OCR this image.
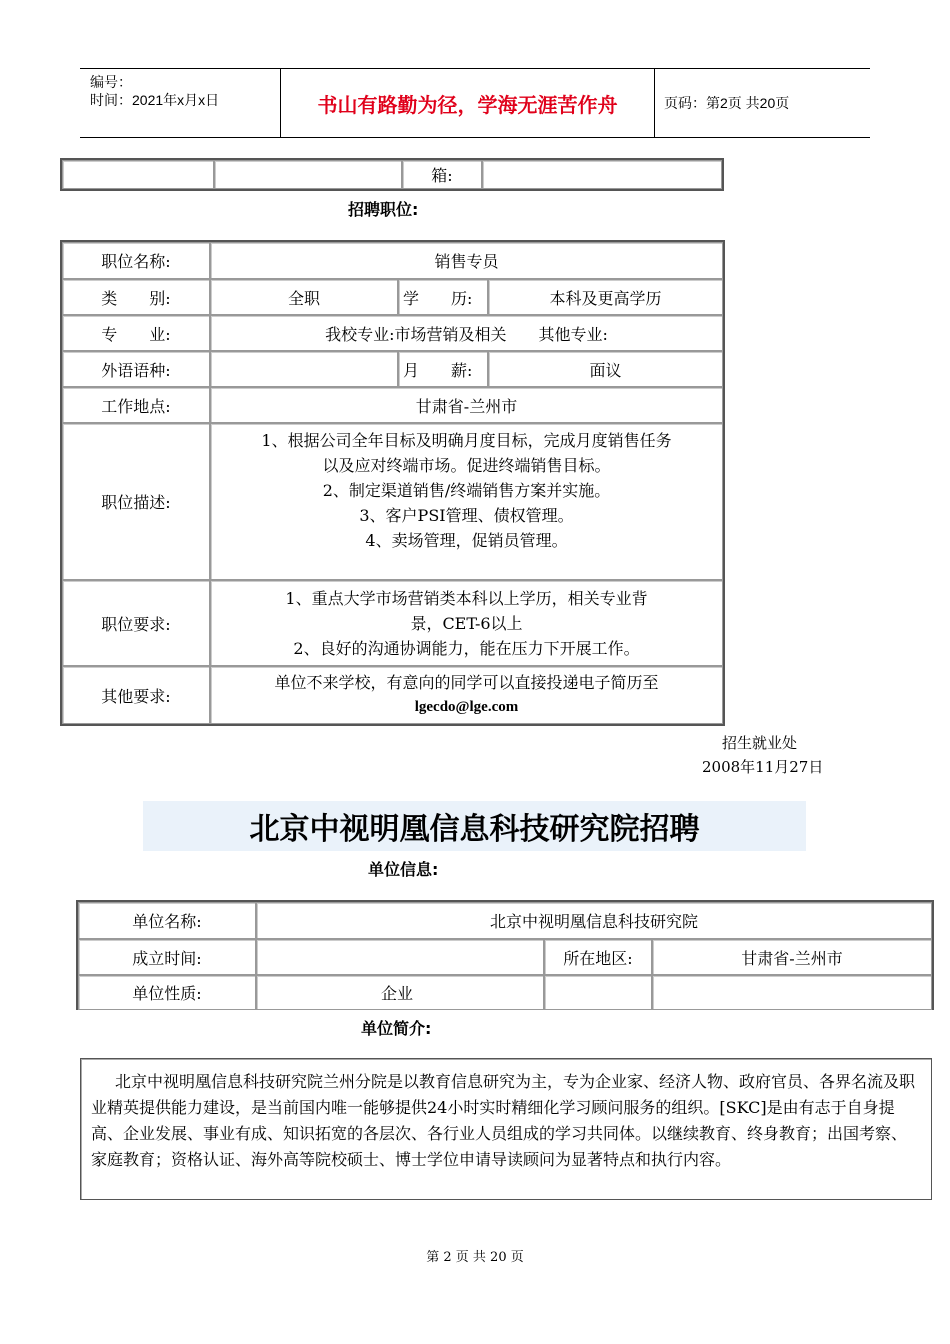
编号：
时间：2021年x月x日	书山有路勤为径，学海无涯苦作舟	页码：第2页 共20页
		箱:	
招聘职位:
职位名称:	销售专员		
类　　别:	全职	学　　历:	本科及更高学历
专　　业:	我校专业:市场营销及相关　　其他专业:		
外语语种:		月　　薪:	面议
工作地点:	甘肃省-兰州市		
职位描述:	1、根据公司全年目标及明确月度目标，完成月度销售任务
以及应对终端市场。促进终端销售目标。
2、制定渠道销售/终端销售方案并实施。
3、客户PSI管理、债权管理。
4、卖场管理，促销员管理。		

职位要求:	1、重点大学市场营销类本科以上学历，相关专业背
景，CET-6以上
2、良好的沟通协调能力，能在压力下开展工作。		

其他要求:	单位不来学校，有意向的同学可以直接投递电子简历至
lgecdo@lge.com		
招生就业处
2008年11月27日
北京中视明凰信息科技研究院招聘
单位信息:
单位名称:	北京中视明凰信息科技研究院		
成立时间:		所在地区:	甘肃省-兰州市
单位性质:	企业		
单位简介:
北京中视明凰信息科技研究院兰州分院是以教育信息研究为主，专为企业家、经济人物、政府官员、各界名流及职业精英提供能力建设，是当前国内唯一能够提供24小时实时精细化学习顾问服务的组织。[SKC]是由有志于自身提高、企业发展、事业有成、知识拓宽的各层次、各行业人员组成的学习共同体。以继续教育、终身教育；出国考察、家庭教育；资格认证、海外高等院校硕士、博士学位申请导读顾问为显著特点和执行内容。
第 2 页 共 20 页
